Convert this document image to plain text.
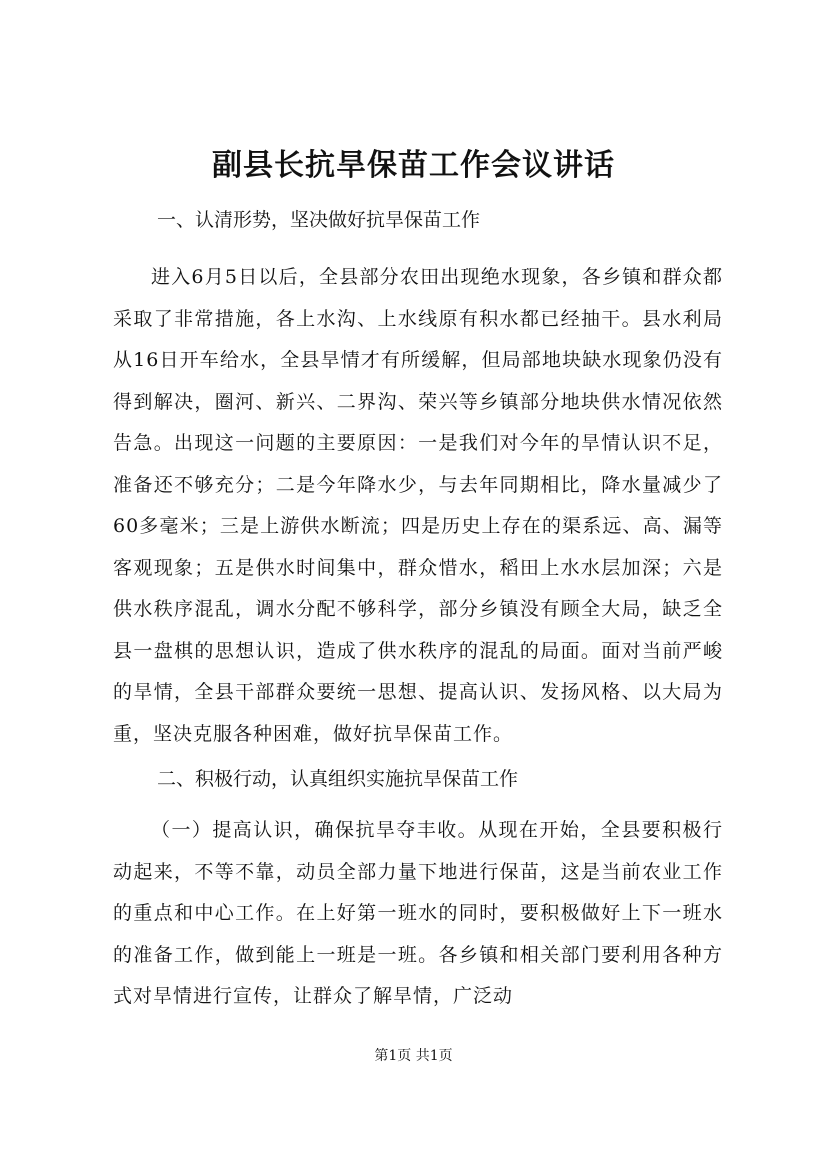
副县长抗旱保苗工作会议讲话
一、认清形势，坚决做好抗旱保苗工作

进入6月5日以后，全县部分农田出现绝水现象，各乡镇和群众都采取了非常措施，各上水沟、上水线原有积水都已经抽干。县水利局从16日开车给水，全县旱情才有所缓解，但局部地块缺水现象仍没有得到解决，圈河、新兴、二界沟、荣兴等乡镇部分地块供水情况依然告急。出现这一问题的主要原因：一是我们对今年的旱情认识不足，准备还不够充分；二是今年降水少，与去年同期相比，降水量减少了60多毫米；三是上游供水断流；四是历史上存在的渠系远、高、漏等客观现象；五是供水时间集中，群众惜水，稻田上水水层加深；六是供水秩序混乱，调水分配不够科学，部分乡镇没有顾全大局，缺乏全县一盘棋的思想认识，造成了供水秩序的混乱的局面。面对当前严峻的旱情，全县干部群众要统一思想、提高认识、发扬风格、以大局为重，坚决克服各种困难，做好抗旱保苗工作。

二、积极行动，认真组织实施抗旱保苗工作

（一）提高认识，确保抗旱夺丰收。从现在开始，全县要积极行动起来，不等不靠，动员全部力量下地进行保苗，这是当前农业工作的重点和中心工作。在上好第一班水的同时，要积极做好上下一班水的准备工作，做到能上一班是一班。各乡镇和相关部门要利用各种方式对旱情进行宣传，让群众了解旱情，广泛动

第1页 共1页
